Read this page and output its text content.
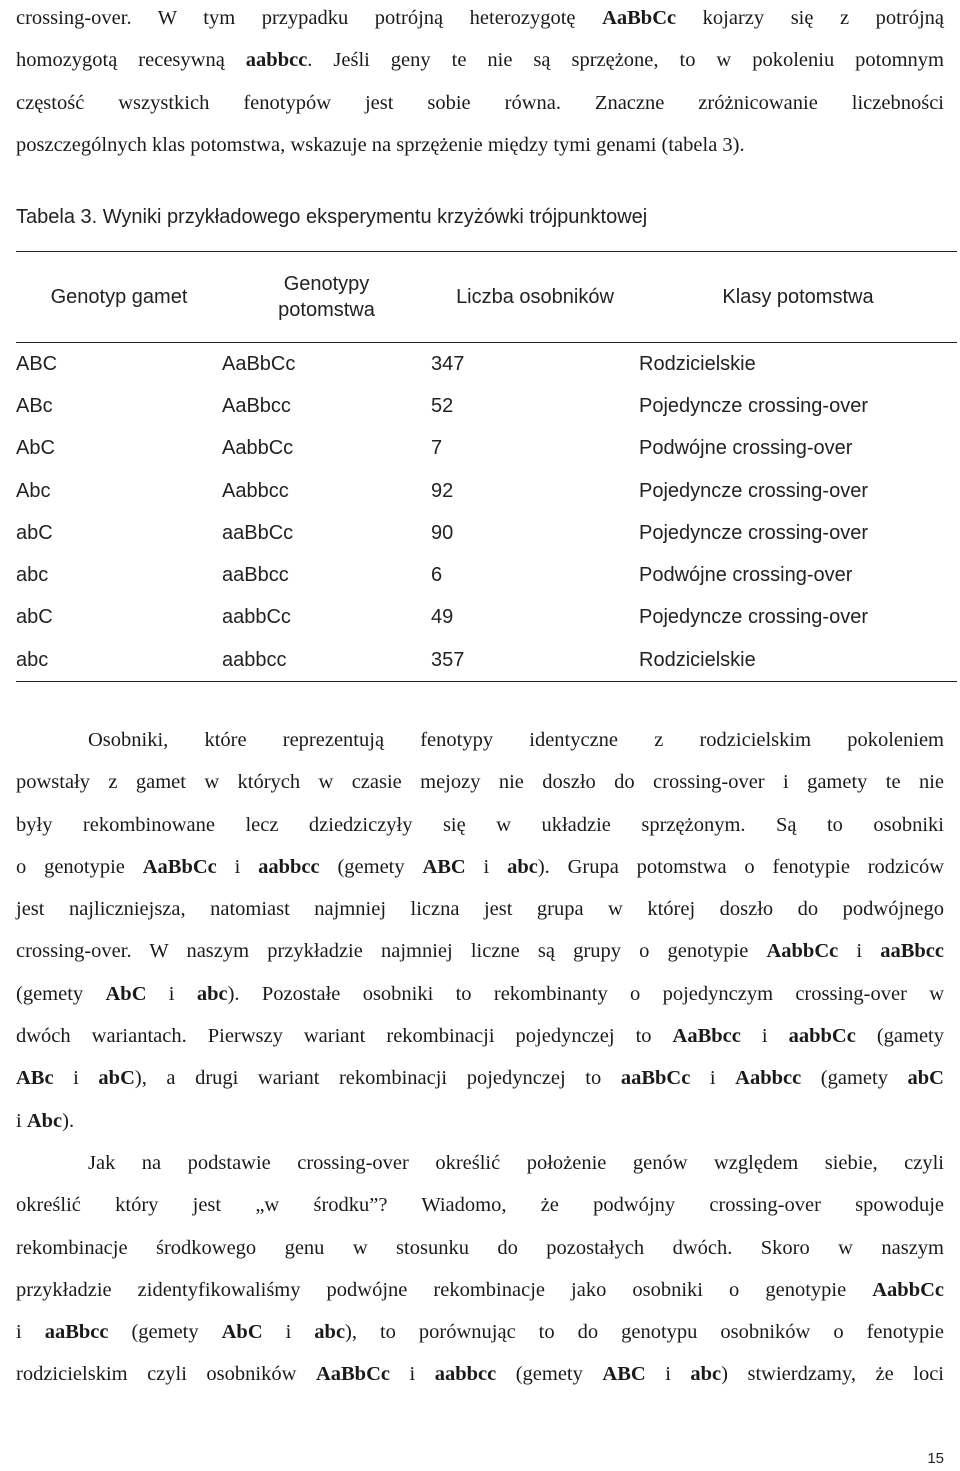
crossing-over. W tym przypadku potrójną heterozygotę AaBbCc kojarzy się z potrójną
homozygotą recesywną aabbcc. Jeśli geny te nie są sprzężone, to w pokoleniu potomnym
częstość wszystkich fenotypów jest sobie równa. Znaczne zróżnicowanie liczebności
poszczególnych klas potomstwa, wskazuje na sprzężenie między tymi genami (tabela 3).
Tabela 3. Wyniki przykładowego eksperymentu krzyżówki trójpunktowej
Genotyp gamet	Genotypy potomstwa	Liczba osobników	Klasy potomstwa
ABC	AaBbCc	347	Rodzicielskie
ABc	AaBbcc	52	Pojedyncze crossing-over
AbC	AabbCc	7	Podwójne crossing-over
Abc	Aabbcc	92	Pojedyncze crossing-over
abC	aaBbCc	90	Pojedyncze crossing-over
abc	aaBbcc	6	Podwójne crossing-over
abC	aabbCc	49	Pojedyncze crossing-over
abc	aabbcc	357	Rodzicielskie
Osobniki, które reprezentują fenotypy identyczne z rodzicielskim pokoleniem
powstały z gamet w których w czasie mejozy nie doszło do crossing-over i gamety te nie
były rekombinowane lecz dziedziczyły się w układzie sprzężonym. Są to osobniki
o genotypie AaBbCc i aabbcc (gemety ABC i abc). Grupa potomstwa o fenotypie rodziców
jest najliczniejsza, natomiast najmniej liczna jest grupa w której doszło do podwójnego
crossing-over. W naszym przykładzie najmniej liczne są grupy o genotypie AabbCc i aaBbcc
(gemety AbC i abc). Pozostałe osobniki to rekombinanty o pojedynczym crossing-over w
dwóch wariantach. Pierwszy wariant rekombinacji pojedynczej to AaBbcc i aabbCc (gamety
ABc i abC), a drugi wariant rekombinacji pojedynczej to aaBbCc i Aabbcc (gamety abC
i Abc).
Jak na podstawie crossing-over określić położenie genów względem siebie, czyli
określić który jest „w środku”? Wiadomo, że podwójny crossing-over spowoduje
rekombinacje środkowego genu w stosunku do pozostałych dwóch. Skoro w naszym
przykładzie zidentyfikowaliśmy podwójne rekombinacje jako osobniki o genotypie AabbCc
i aaBbcc (gemety AbC i abc), to porównując to do genotypu osobników o fenotypie
rodzicielskim czyli osobników AaBbCc i aabbcc (gemety ABC i abc) stwierdzamy, że loci
15
